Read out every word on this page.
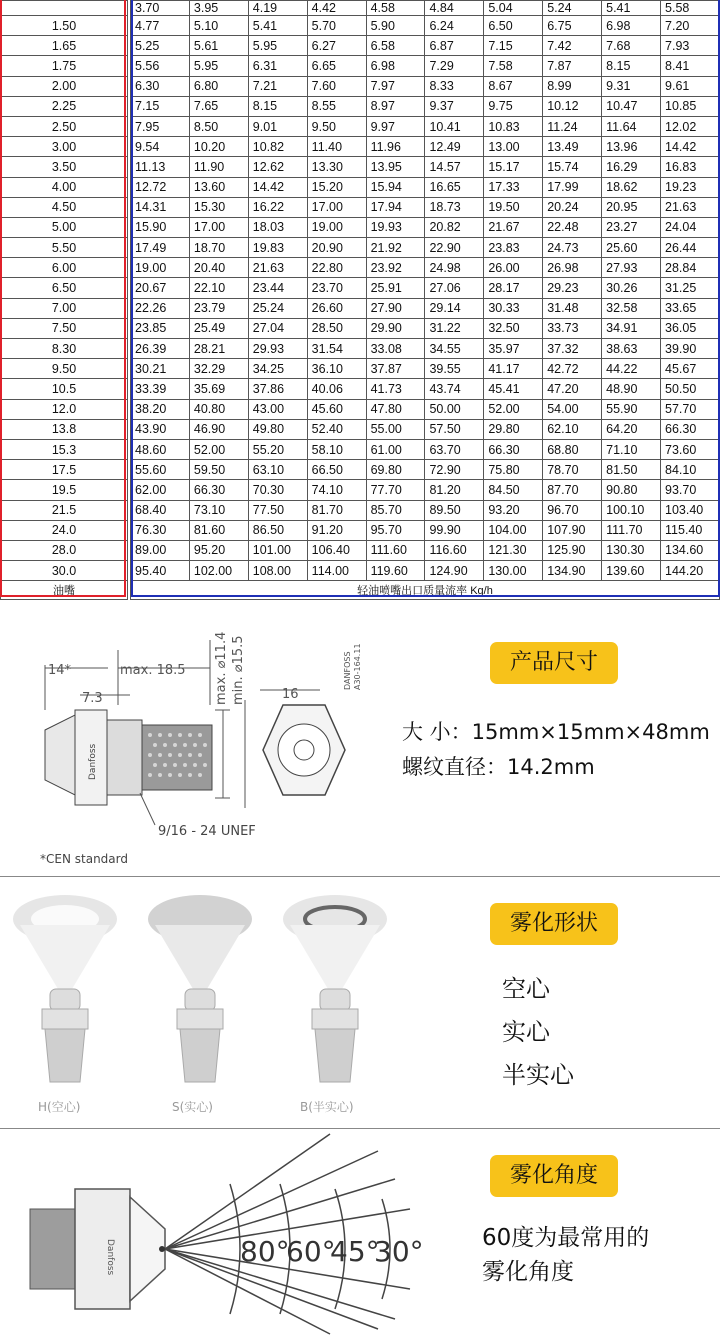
		3.70	3.95	4.19	4.42	4.58	4.84	5.04	5.24	5.41	5.58
1.50		4.77	5.10	5.41	5.70	5.90	6.24	6.50	6.75	6.98	7.20
1.65		5.25	5.61	5.95	6.27	6.58	6.87	7.15	7.42	7.68	7.93
1.75		5.56	5.95	6.31	6.65	6.98	7.29	7.58	7.87	8.15	8.41
2.00		6.30	6.80	7.21	7.60	7.97	8.33	8.67	8.99	9.31	9.61
2.25		7.15	7.65	8.15	8.55	8.97	9.37	9.75	10.12	10.47	10.85
2.50		7.95	8.50	9.01	9.50	9.97	10.41	10.83	11.24	11.64	12.02
3.00		9.54	10.20	10.82	11.40	11.96	12.49	13.00	13.49	13.96	14.42
3.50		11.13	11.90	12.62	13.30	13.95	14.57	15.17	15.74	16.29	16.83
4.00		12.72	13.60	14.42	15.20	15.94	16.65	17.33	17.99	18.62	19.23
4.50		14.31	15.30	16.22	17.00	17.94	18.73	19.50	20.24	20.95	21.63
5.00		15.90	17.00	18.03	19.00	19.93	20.82	21.67	22.48	23.27	24.04
5.50		17.49	18.70	19.83	20.90	21.92	22.90	23.83	24.73	25.60	26.44
6.00		19.00	20.40	21.63	22.80	23.92	24.98	26.00	26.98	27.93	28.84
6.50		20.67	22.10	23.44	23.70	25.91	27.06	28.17	29.23	30.26	31.25
7.00		22.26	23.79	25.24	26.60	27.90	29.14	30.33	31.48	32.58	33.65
7.50		23.85	25.49	27.04	28.50	29.90	31.22	32.50	33.73	34.91	36.05
8.30		26.39	28.21	29.93	31.54	33.08	34.55	35.97	37.32	38.63	39.90
9.50		30.21	32.29	34.25	36.10	37.87	39.55	41.17	42.72	44.22	45.67
10.5		33.39	35.69	37.86	40.06	41.73	43.74	45.41	47.20	48.90	50.50
12.0		38.20	40.80	43.00	45.60	47.80	50.00	52.00	54.00	55.90	57.70
13.8		43.90	46.90	49.80	52.40	55.00	57.50	29.80	62.10	64.20	66.30
15.3		48.60	52.00	55.20	58.10	61.00	63.70	66.30	68.80	71.10	73.60
17.5		55.60	59.50	63.10	66.50	69.80	72.90	75.80	78.70	81.50	84.10
19.5		62.00	66.30	70.30	74.10	77.70	81.20	84.50	87.70	90.80	93.70
21.5		68.40	73.10	77.50	81.70	85.70	89.50	93.20	96.70	100.10	103.40
24.0		76.30	81.60	86.50	91.20	95.70	99.90	104.00	107.90	111.70	115.40
28.0		89.00	95.20	101.00	106.40	111.60	116.60	121.30	125.90	130.30	134.60
30.0		95.40	102.00	108.00	114.00	119.60	124.90	130.00	134.90	139.60	144.20
油嘴		轻油喷嘴出口质量流率 Kg/h									
14*	max. 18.5
7.3	max. ⌀11.4 min. ⌀15.5	16
DANFOSS A30-164.11
Danfoss
9/16 - 24 UNEF
*CEN standard
产品尺寸
大 小：15mm×15mm×48mm
螺纹直径：14.2mm
H(空心)	S(实心)	B(半实心)
雾化形状
空心
实心
半实心
Danfoss	80°
60°
45°
30°
雾化角度
60度为最常用的
雾化角度
